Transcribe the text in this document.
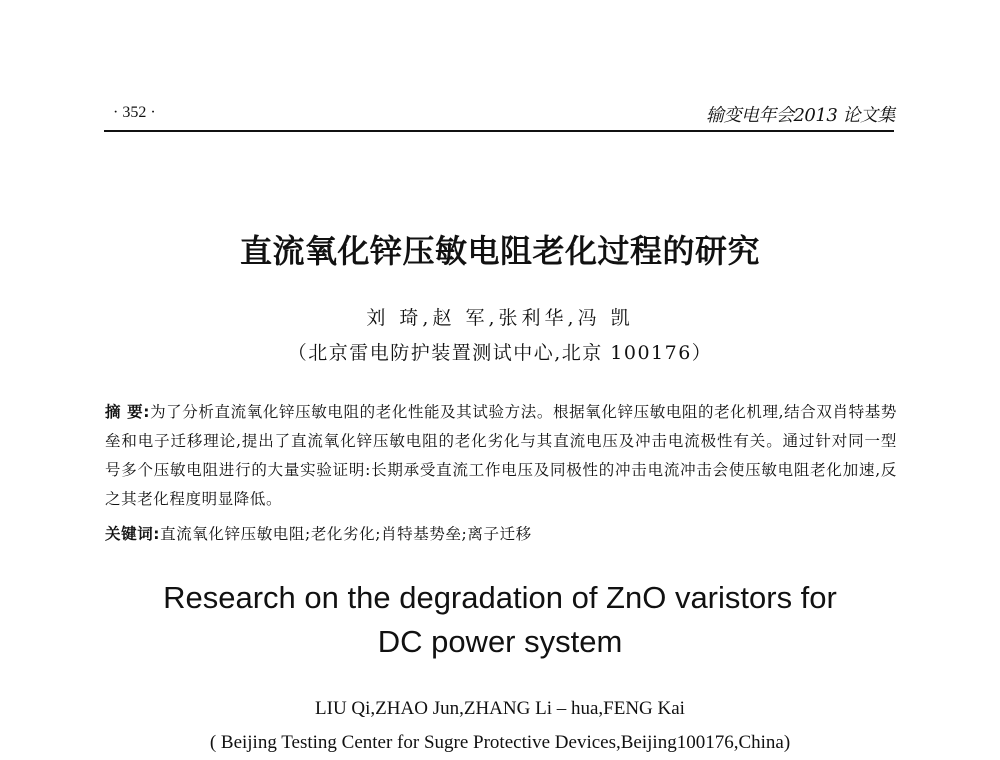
· 352 ·	输变电年会2013 论文集
直流氧化锌压敏电阻老化过程的研究
刘 琦,赵 军,张利华,冯 凯
（北京雷电防护装置测试中心,北京 100176）
摘 要:为了分析直流氧化锌压敏电阻的老化性能及其试验方法。根据氧化锌压敏电阻的老化机理,结合双肖特基势垒和电子迁移理论,提出了直流氧化锌压敏电阻的老化劣化与其直流电压及冲击电流极性有关。通过针对同一型号多个压敏电阻进行的大量实验证明:长期承受直流工作电压及同极性的冲击电流冲击会使压敏电阻老化加速,反之其老化程度明显降低。
关键词:直流氧化锌压敏电阻;老化劣化;肖特基势垒;离子迁移
Research on the degradation of ZnO varistors for
DC power system
LIU Qi,ZHAO Jun,ZHANG Li – hua,FENG Kai
( Beijing Testing Center for Sugre Protective Devices,Beijing100176,China)
